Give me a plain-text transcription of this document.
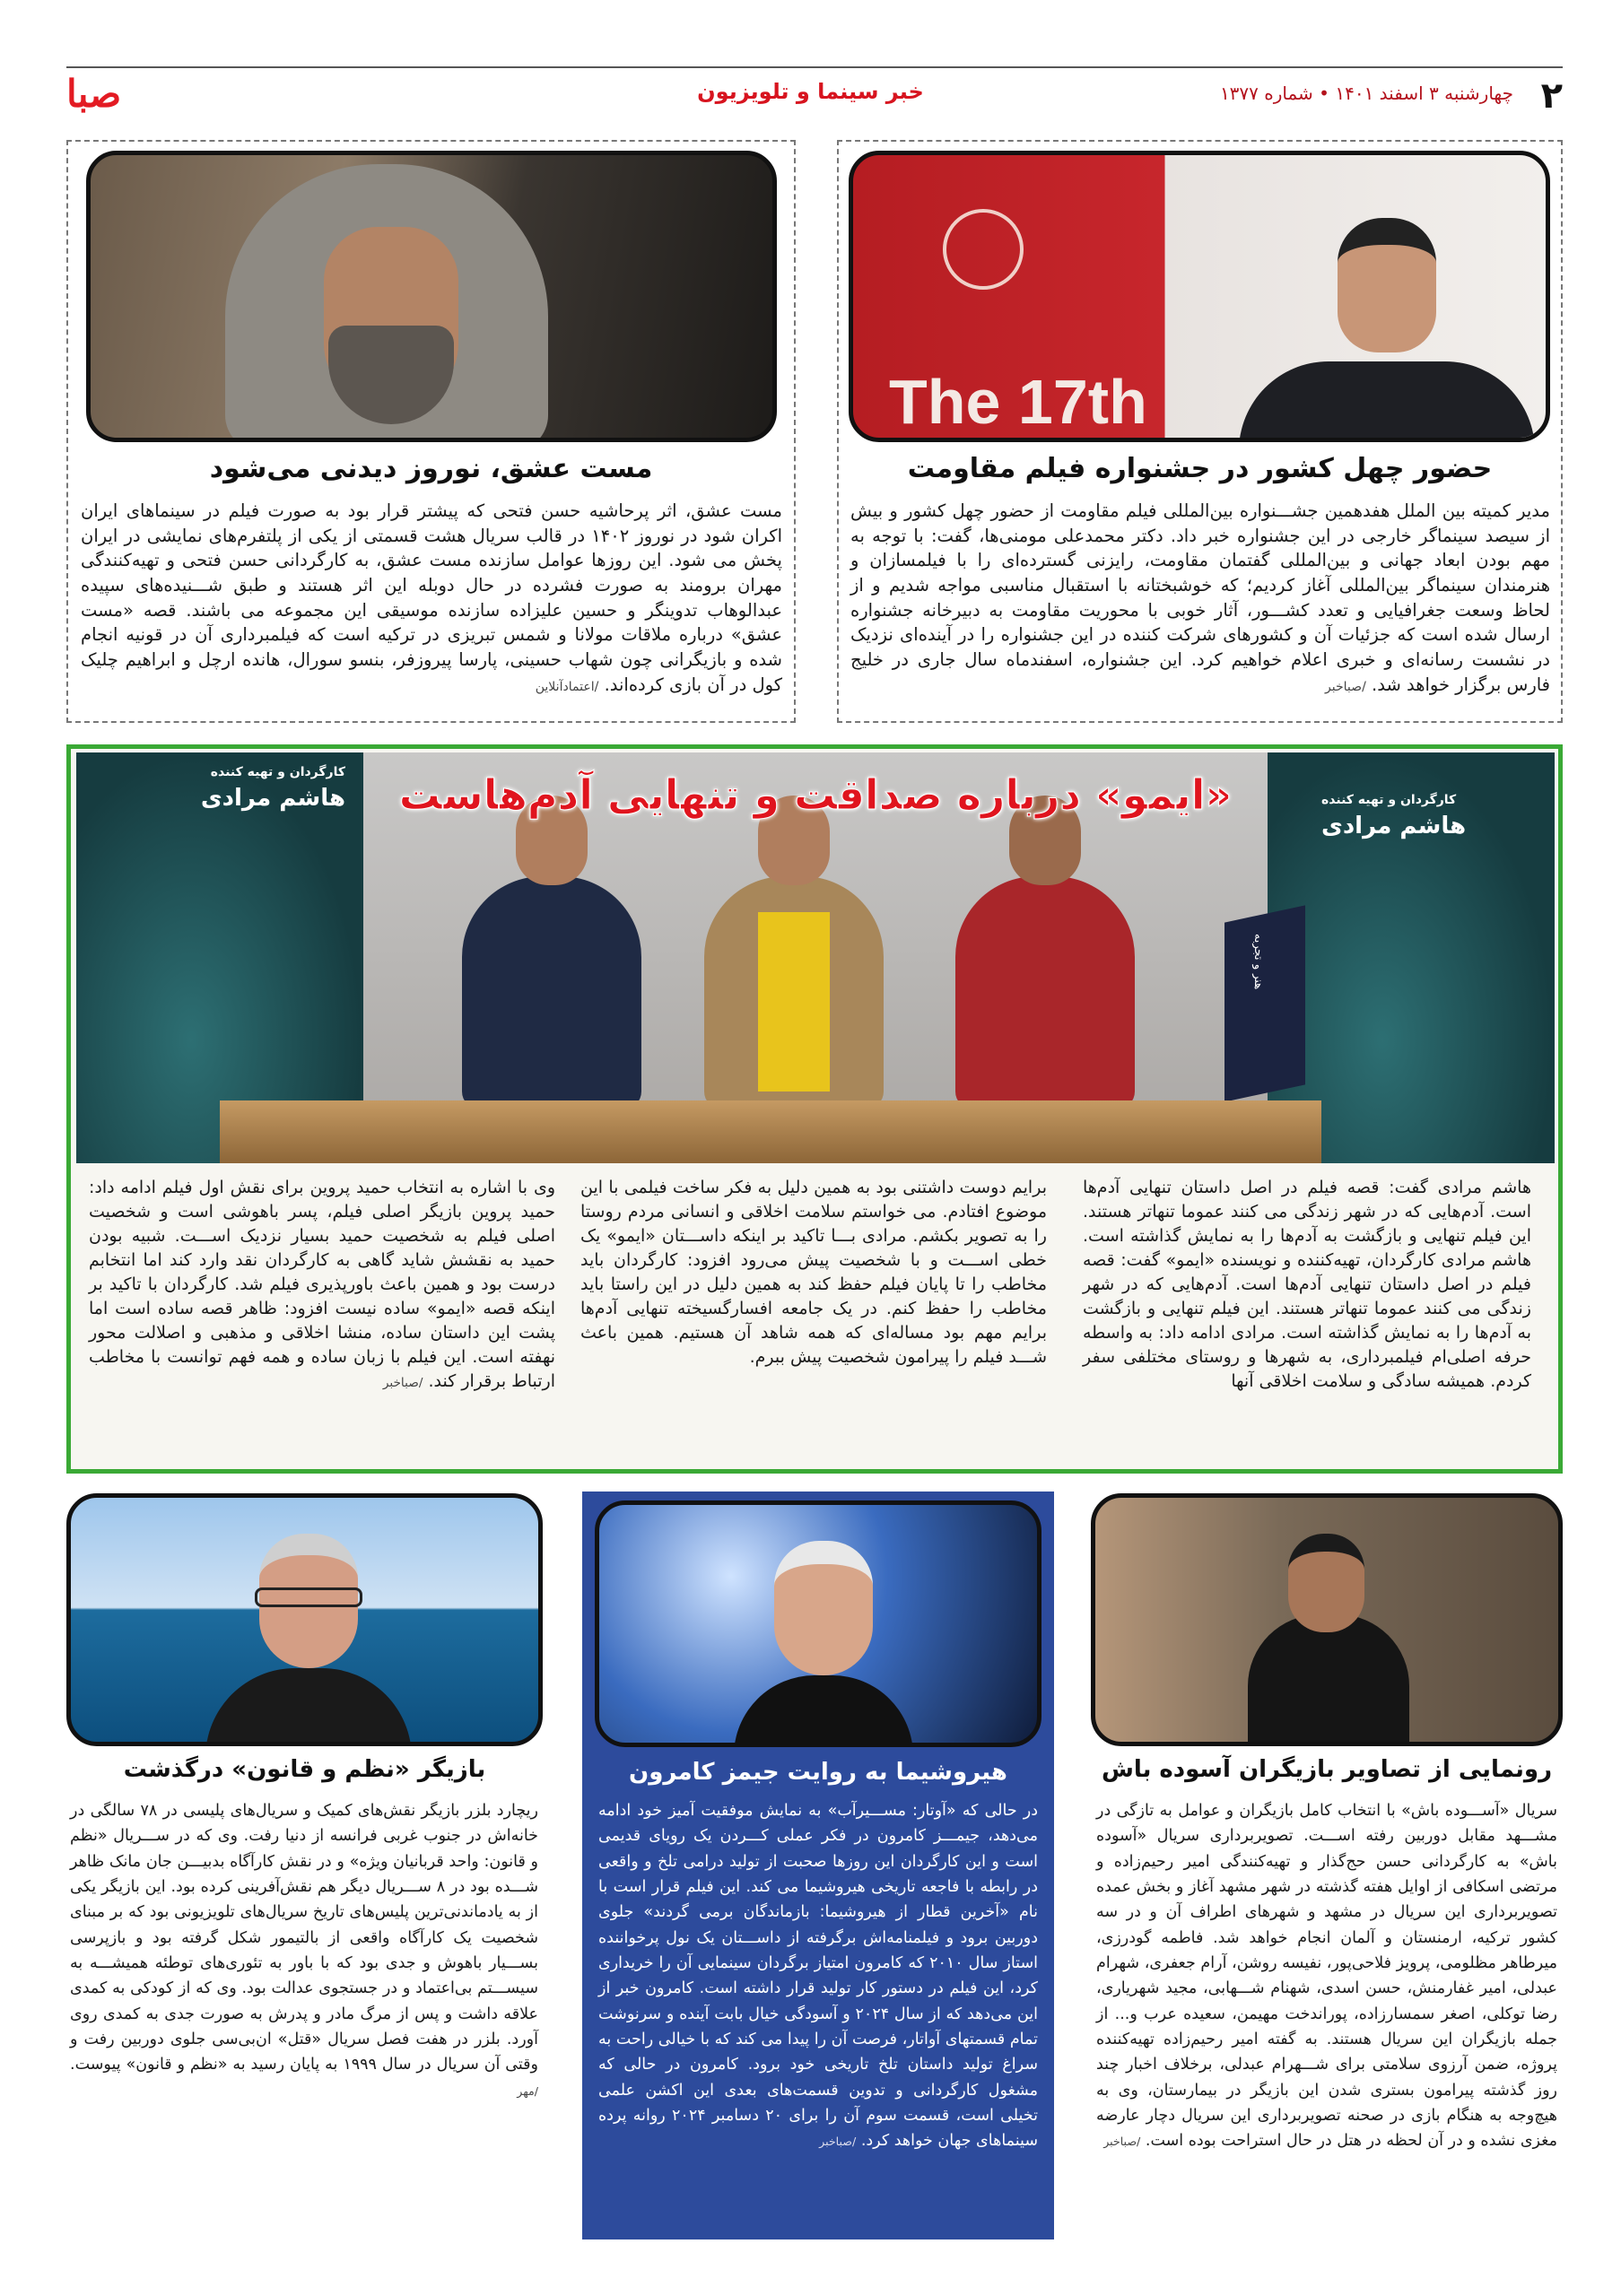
۲
چهارشنبه ۳ اسفند ۱۴۰۱ • شماره ۱۳۷۷
خبر سینما و تلویزیون
صبا
The 17th
حضور چهل کشور در جشنواره فیلم مقاومت
مدیر کمیته بین الملل هفدهمین جشـــنواره بین‌المللی فیلم مقاومت از حضور چهل کشور و بیش از سیصد سینماگر خارجی در این جشنواره خبر داد. دکتر محمدعلی مومنی‌ها، گفت: با توجه به مهم بودن ابعاد جهانی و بین‌المللی گفتمان مقاومت، رایزنی گسترده‌ای را با فیلمسازان و هنرمندان سینماگر بین‌المللی آغاز کردیم؛ که خوشبختانه با استقبال مناسبی مواجه شدیم و از لحاظ وسعت جغرافیایی و تعدد کشـــور، آثار خوبی با محوریت مقاومت به دبیرخانه جشنواره ارسال شده است که جزئیات آن و کشورهای شرکت کننده در این جشنواره را در آینده‌ای نزدیک در نشست رسانه‌ای و خبری اعلام خواهیم کرد. این جشنواره، اسفندماه سال جاری در خلیج فارس برگزار خواهد شد. /صباخبر
مست عشق، نوروز دیدنی می‌شود
مست عشق، اثر پرحاشیه حسن فتحی که پیشتر قرار بود به صورت فیلم در سینماهای ایران اکران شود در نوروز ۱۴۰۲ در قالب سریال هشت قسمتی از یکی از پلتفرم‌های نمایشی در ایران پخش می شود. این روزها عوامل سازنده مست عشق، به کارگردانی حسن فتحی و تهیه‌کنندگی مهران برومند به صورت فشرده در حال دوبله این اثر هستند و طبق شـــنیده‌های سپیده عبدالوهاب تدوینگر و حسین علیزاده سازنده موسیقی این مجموعه می باشند. قصه «مست عشق» درباره ملاقات مولانا و شمس تبریزی در ترکیه است که فیلمبرداری آن در قونیه انجام شده و بازیگرانی چون شهاب حسینی، پارسا پیروزفر، بنسو سورال، هانده ارچل و ابراهیم چلیک کول در آن بازی کرده‌اند. /اعتمادآنلاین
کارگردان و تهیه کننده
هاشم مرادی	کارگردان و تهیه کننده
هاشم مرادی
هنر و تجربه
«ایمو» درباره صداقت و تنهایی آدم‌هاست
هاشم مرادی گفت: قصه فیلم در اصل داستان تنهایی آدم‌ها است. آدم‌هایی که در شهر زندگی می کنند عموما تنهاتر هستند. این فیلم تنهایی و بازگشت به آدم‌ها را به نمایش گذاشته است. هاشم مرادی کارگردان، تهیه‌کننده و نویسنده «ایمو» گفت: قصه فیلم در اصل داستان تنهایی آدم‌ها است. آدم‌هایی که در شهر زندگی می کنند عموما تنهاتر هستند. این فیلم تنهایی و بازگشت به آدم‌ها را به نمایش گذاشته است. مرادی ادامه داد: به واسطه حرفه اصلی‌ام فیلمبرداری، به شهرها و روستای مختلفی سفر کردم. همیشه سادگی و سلامت اخلاقی آنها
برایم دوست داشتنی بود به همین دلیل به فکر ساخت فیلمی با این موضوع افتادم. می خواستم سلامت اخلاقی و انسانی مردم روستا را به تصویر بکشم. مرادی بـــا تاکید بر اینکه داســـتان «ایمو» یک خطی اســـت و با شخصیت پیش می‌رود افزود: کارگردان باید مخاطب را تا پایان فیلم حفظ کند به همین دلیل در این راستا باید مخاطب را حفظ کنم. در یک جامعه افسارگسیخته تنهایی آدم‌ها برایم مهم بود مساله‌ای که همه شاهد آن هستیم. همین باعث شـــد فیلم را پیرامون شخصیت پیش ببرم.
وی با اشاره به انتخاب حمید پروین برای نقش اول فیلم ادامه داد: حمید پروین بازیگر اصلی فیلم، پسر باهوشی است و شخصیت اصلی فیلم به شخصیت حمید بسیار نزدیک اســـت. شبیه بودن حمید به نقشش شاید گاهی به کارگردان نقد وارد کند اما انتخابم درست بود و همین باعث باورپذیری فیلم شد. کارگردان با تاکید بر اینکه قصه «ایمو» ساده نیست افزود: ظاهر قصه ساده است اما پشت این داستان ساده، منشا اخلاقی و مذهبی و اصلالت محور نهفته است. این فیلم با زبان ساده و همه فهم توانست با مخاطب ارتباط برقرار کند. /صباخبر
رونمایی از تصاویر بازیگران آسوده باش
سریال «آســـوده باش» با انتخاب کامل بازیگران و عوامل به تازگی در مشـــهد مقابل دوربین رفته اســـت. تصویربرداری سریال «آسوده باش» به کارگردانی حسن حج‌گذار و تهیه‌کنندگی امیر رحیم‌زاده و مرتضی اسکافی از اوایل هفته گذشته در شهر مشهد آغاز و بخش عمده تصویربرداری این سریال در مشهد و شهرهای اطراف آن و در سه کشور ترکیه، ارمنستان و آلمان انجام خواهد شد. فاطمه گودرزی، میرطاهر مظلومی، پرویز فلاحی‌پور، نفیسه روشن، آرام جعفری، شهرام عبدلی، امیر غفارمنش، حسن اسدی، شهنام شـــهابی، مجید شهریاری، رضا توکلی، اصغر سمسارزاده، پوراندخت مهیمن، سعیده عرب و... از جمله بازیگران این سریال هستند. به گفته امیر رحیم‌زاده تهیه‌کننده پروژه، ضمن آرزوی سلامتی برای شـــهرام عبدلی، برخلاف اخبار چند روز گذشته پیرامون بستری شدن این بازیگر در بیمارستان، وی به هیچ‌وجه به هنگام بازی در صحنه تصویربرداری این سریال دچار عارضه مغزی نشده و در آن لحظه در هتل در حال استراحت بوده است. /صباخبر
هیروشیما به روایت جیمز کامرون
در حالی که «آوتار: مســـیرآب» به نمایش موفقیت آمیز خود ادامه می‌دهد، جیمـــز کامرون در فکر عملی کـــردن یک رویای قدیمی است و این کارگردان این روزها صحبت از تولید درامی تلخ و واقعی در رابطه با فاجعه تاریخی هیروشیما می کند. این فیلم قرار است با نام «آخرین قطار از هیروشیما: بازماندگان برمی گردند» جلوی دوربین برود و فیلمنامه‌اش برگرفته از داســـتان یک نول پرخواننده استاز سال ۲۰۱۰ که کامرون امتیاز برگردان سینمایی آن را خریداری کرد، این فیلم در دستور کار تولید قرار داشته است. کامرون خبر از این می‌دهد که از سال ۲۰۲۴ و آسودگی خیال بابت آینده و سرنوشت تمام قسمتهای آواتار، فرصت آن را پیدا می کند که با خیالی راحت به سراغ تولید داستان تلخ تاریخی خود برود. کامرون در حالی که مشغول کارگردانی و تدوین قسمت‌های بعدی این اکشن علمی تخیلی است، قسمت سوم آن را برای ۲۰ دسامبر ۲۰۲۴ روانه پرده سینماهای جهان خواهد کرد. /صباخبر
بازیگر «نظم و قانون» درگذشت
ریچارد بلزر بازیگر نقش‌های کمیک و سریال‌های پلیسی در ۷۸ سالگی در خانه‌اش در جنوب غربی فرانسه از دنیا رفت. وی که در ســـریال «نظم و قانون: واحد قربانیان ویژه» و در نقش کارآگاه بدبیـــن جان مانک ظاهر شـــده بود در ۸ ســـریال دیگر هم نقش‌آفرینی کرده بود. این بازیگر یکی از به یادماندنی‌ترین پلیس‌های تاریخ سریال‌های تلویزیونی بود که بر مبنای شخصیت یک کارآگاه واقعی از بالتیمور شکل گرفته بود و بازپرسی بســـیار باهوش و جدی بود که با باور به تئوری‌های توطئه همیشـــه به سیســـتم بی‌اعتماد و در جستجوی عدالت بود. وی که از کودکی به کمدی علاقه داشت و پس از مرگ مادر و پدرش به صورت جدی به کمدی روی آورد. بلزر در هفت فصل سریال «قتل» ان‌بی‌سی جلوی دوربین رفت و وقتی آن سریال در سال ۱۹۹۹ به پایان رسید به «نظم و قانون» پیوست. /مهر
